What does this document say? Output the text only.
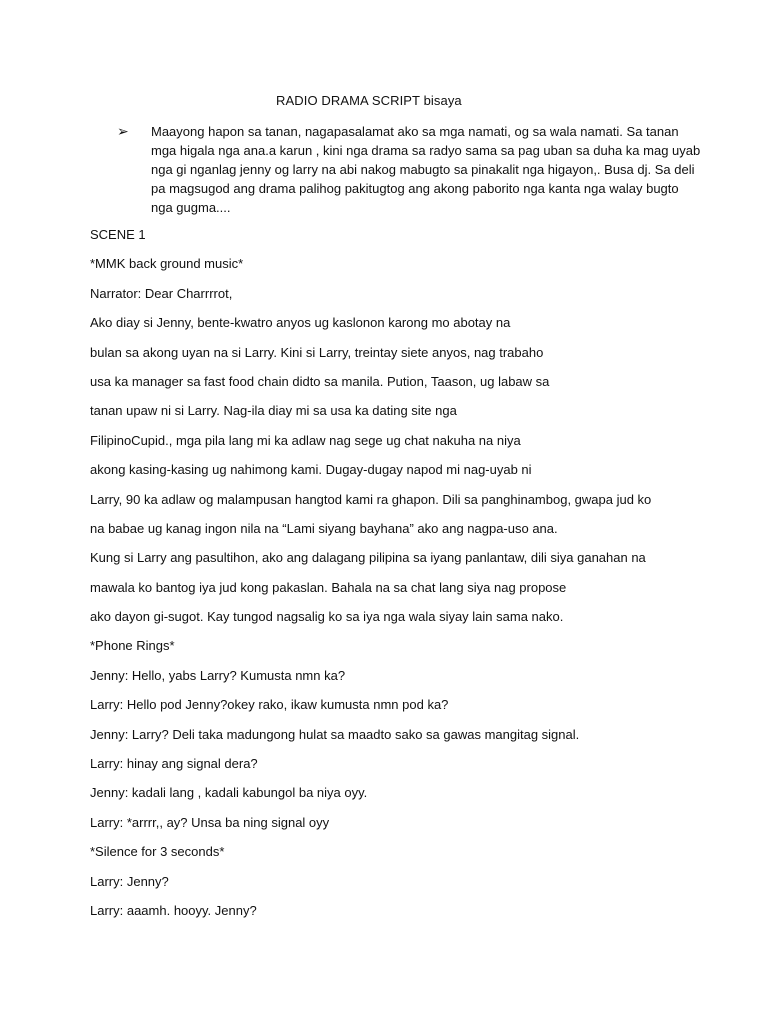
RADIO DRAMA SCRIPT bisaya
➢ Maayong hapon sa tanan, nagapasalamat ako sa mga namati, og sa wala namati. Sa tanan
mga higala nga ana.a karun , kini nga drama sa radyo sama sa pag uban sa duha ka mag uyab
nga gi nganlag jenny og larry na abi nakog mabugto sa pinakalit nga higayon,. Busa dj. Sa deli
pa magsugod ang drama palihog pakitugtog ang akong paborito nga kanta nga walay bugto
nga gugma....
SCENE 1
*MMK back ground music*
Narrator: Dear Charrrrot,
Ako diay si Jenny, bente-kwatro anyos ug kaslonon karong mo abotay na
bulan sa akong uyan na si Larry. Kini si Larry, treintay siete anyos, nag trabaho
usa ka manager sa fast food chain didto sa manila. Pution, Taason, ug labaw sa
tanan upaw ni si Larry. Nag-ila diay mi sa usa ka dating site nga
FilipinoCupid., mga pila lang mi ka adlaw nag sege ug chat nakuha na niya
akong kasing-kasing ug nahimong kami. Dugay-dugay napod mi nag-uyab ni
Larry, 90 ka adlaw og malampusan hangtod kami ra ghapon. Dili sa panghinambog, gwapa jud ko
na babae ug kanag ingon nila na “Lami siyang bayhana” ako ang nagpa-uso ana.
Kung si Larry ang pasultihon, ako ang dalagang pilipina sa iyang panlantaw, dili siya ganahan na
mawala ko bantog iya jud kong pakaslan. Bahala na sa chat lang siya nag propose
ako dayon gi-sugot. Kay tungod nagsalig ko sa iya nga wala siyay lain sama nako.
*Phone Rings*
Jenny: Hello, yabs Larry? Kumusta nmn ka?
Larry: Hello pod Jenny?okey rako, ikaw kumusta nmn pod ka?
Jenny: Larry? Deli taka madungong hulat sa maadto sako sa gawas mangitag signal.
Larry: hinay ang signal dera?
Jenny: kadali lang , kadali kabungol ba niya oyy.
Larry: *arrrr,, ay? Unsa ba ning signal oyy
*Silence for 3 seconds*
Larry: Jenny?
Larry: aaamh. hooyy. Jenny?
